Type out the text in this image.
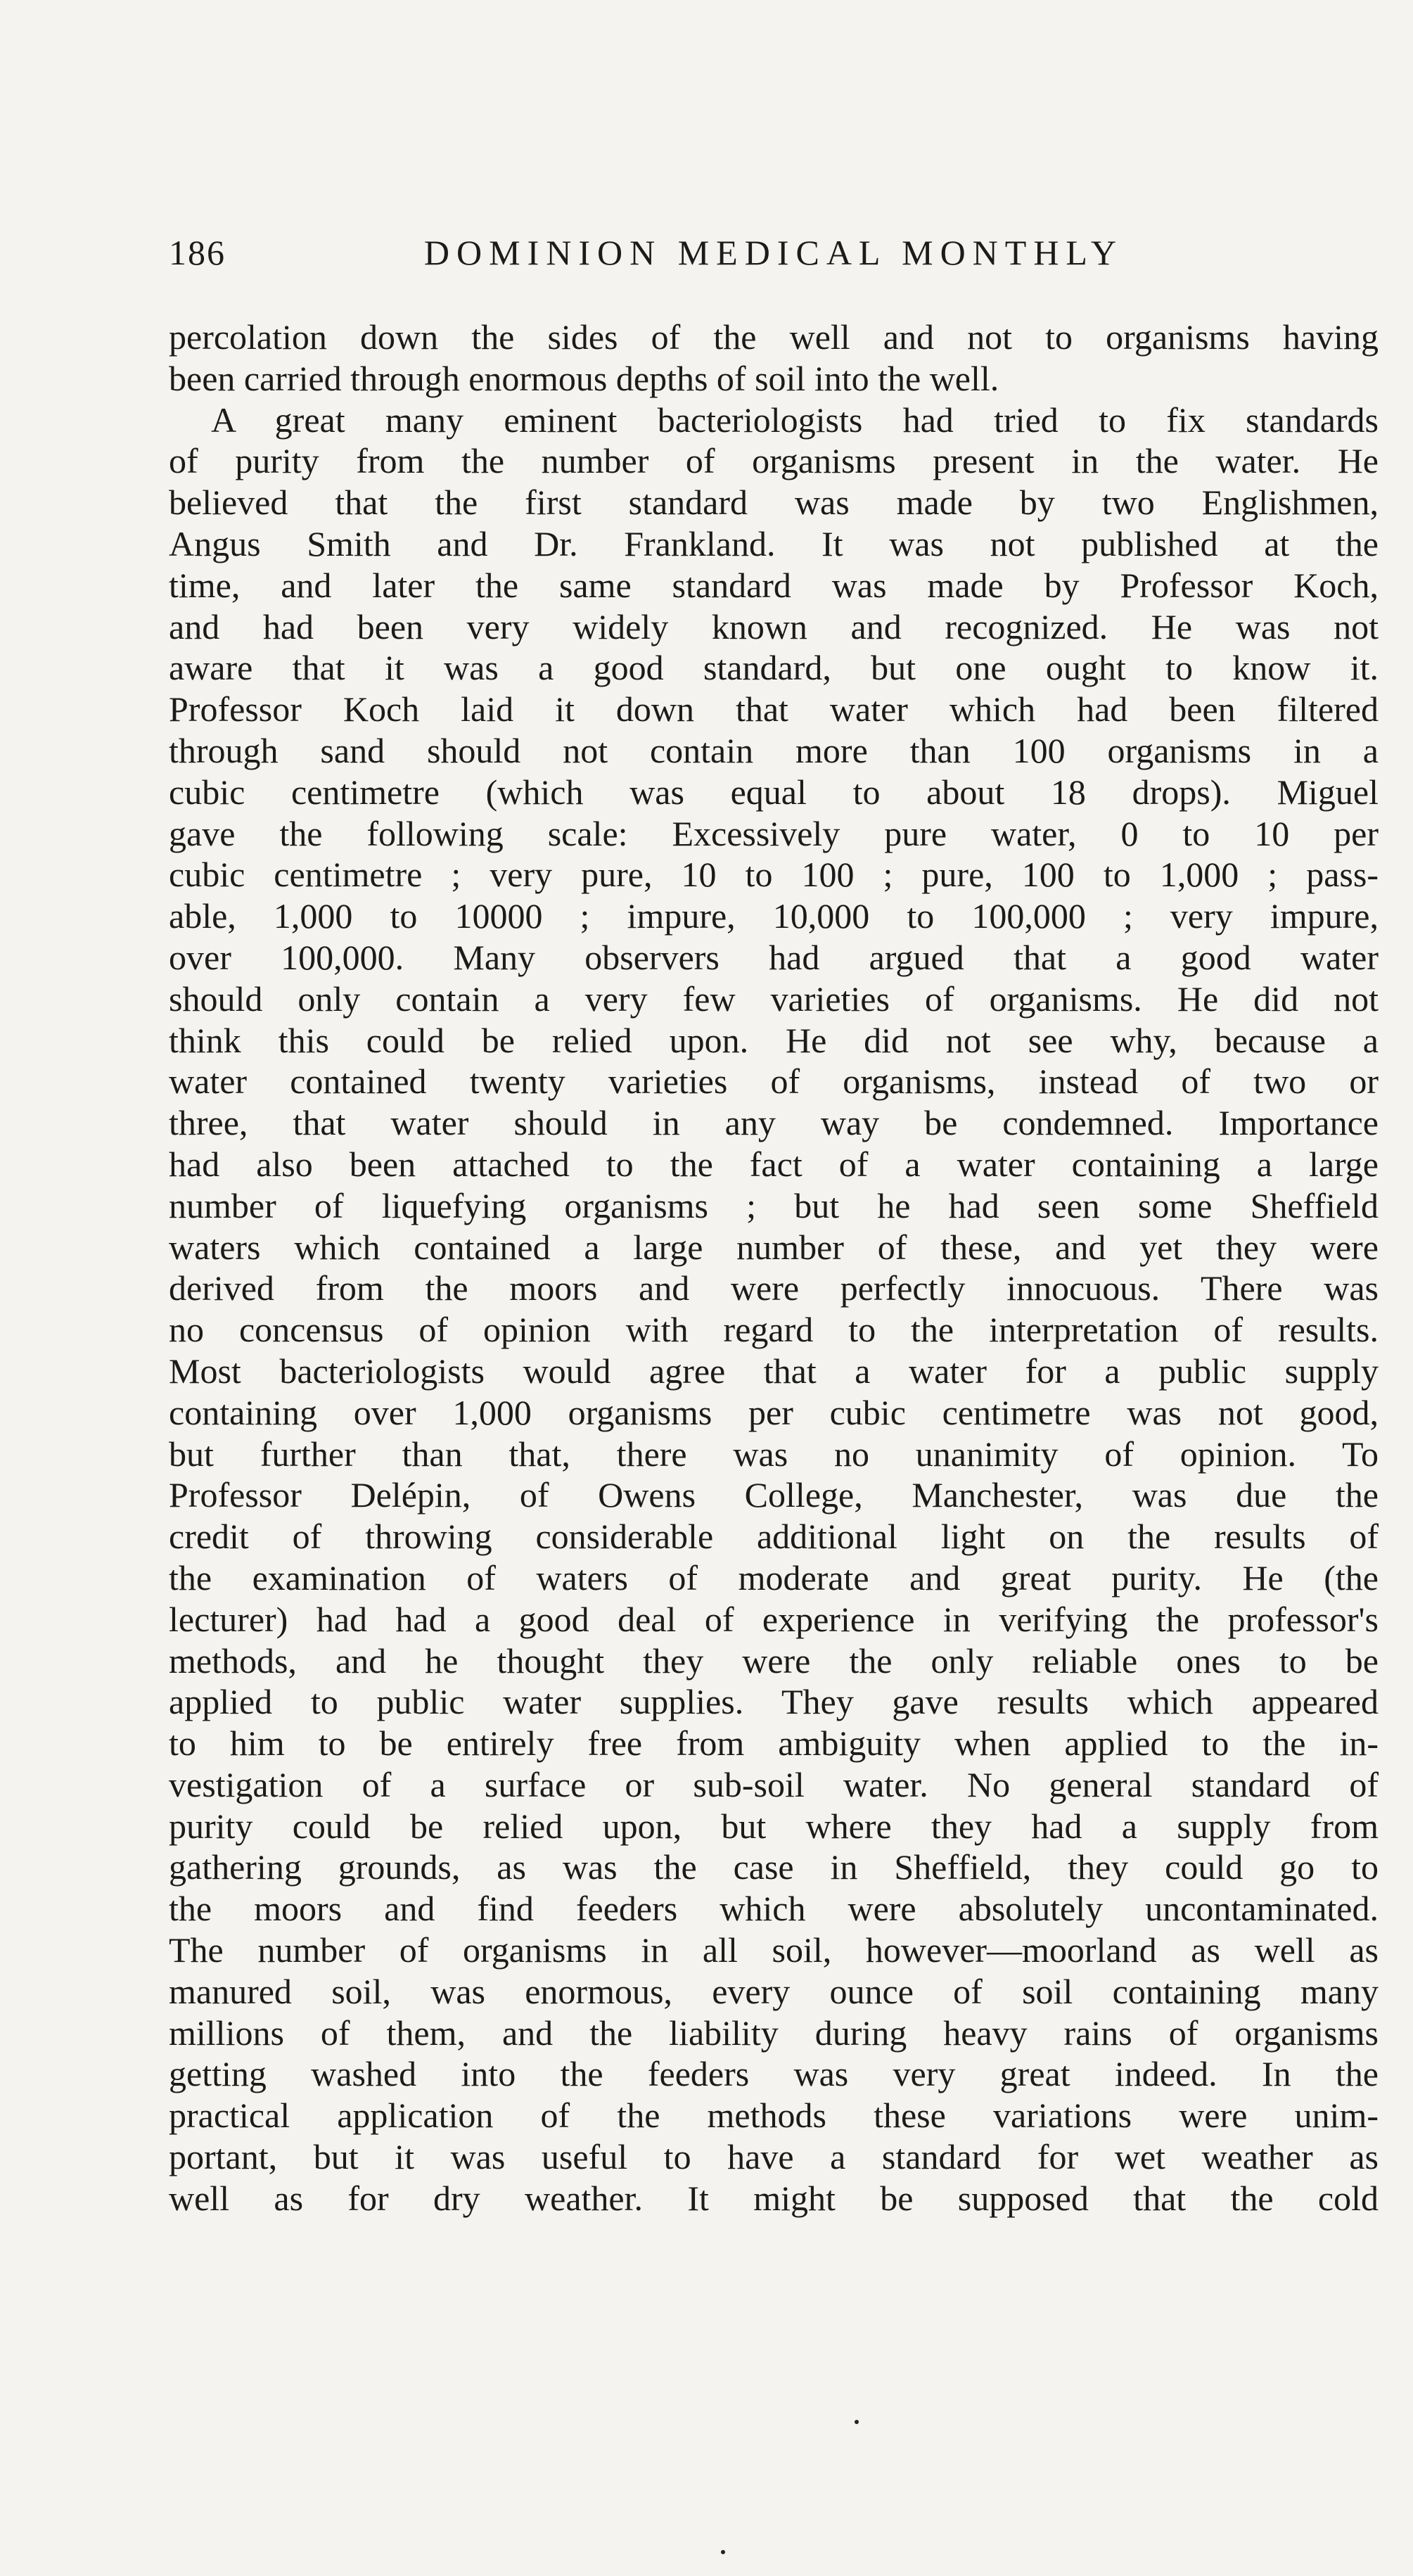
186	DOMINION MEDICAL MONTHLY

percolation down the sides of the well and not to organisms having
been carried through enormous depths of soil into the well.

A great many eminent bacteriologists had tried to fix standards
of purity from the number of organisms present in the water. He
believed that the first standard was made by two Englishmen,
Angus Smith and Dr. Frankland. It was not published at the
time, and later the same standard was made by Professor Koch,
and had been very widely known and recognized. He was not
aware that it was a good standard, but one ought to know it.
Professor Koch laid it down that water which had been filtered
through sand should not contain more than 100 organisms in a
cubic centimetre (which was equal to about 18 drops). Miguel
gave the following scale: Excessively pure water, 0 to 10 per
cubic centimetre ; very pure, 10 to 100 ; pure, 100 to 1,000 ; pass-
able, 1,000 to 10000 ; impure, 10,000 to 100,000 ; very impure,
over 100,000. Many observers had argued that a good water
should only contain a very few varieties of organisms. He did not
think this could be relied upon. He did not see why, because a
water contained twenty varieties of organisms, instead of two or
three, that water should in any way be condemned. Importance
had also been attached to the fact of a water containing a large
number of liquefying organisms ; but he had seen some Sheffield
waters which contained a large number of these, and yet they were
derived from the moors and were perfectly innocuous. There was
no concensus of opinion with regard to the interpretation of results.
Most bacteriologists would agree that a water for a public supply
containing over 1,000 organisms per cubic centimetre was not good,
but further than that, there was no unanimity of opinion. To
Professor Delépin, of Owens College, Manchester, was due the
credit of throwing considerable additional light on the results of
the examination of waters of moderate and great purity. He (the
lecturer) had had a good deal of experience in verifying the professor's
methods, and he thought they were the only reliable ones to be
applied to public water supplies. They gave results which appeared
to him to be entirely free from ambiguity when applied to the in-
vestigation of a surface or sub-soil water. No general standard of
purity could be relied upon, but where they had a supply from
gathering grounds, as was the case in Sheffield, they could go to
the moors and find feeders which were absolutely uncontaminated.
The number of organisms in all soil, however—moorland as well as
manured soil, was enormous, every ounce of soil containing many
millions of them, and the liability during heavy rains of organisms
getting washed into the feeders was very great indeed. In the
practical application of the methods these variations were unim-
portant, but it was useful to have a standard for wet weather as
well as for dry weather. It might be supposed that the cold
